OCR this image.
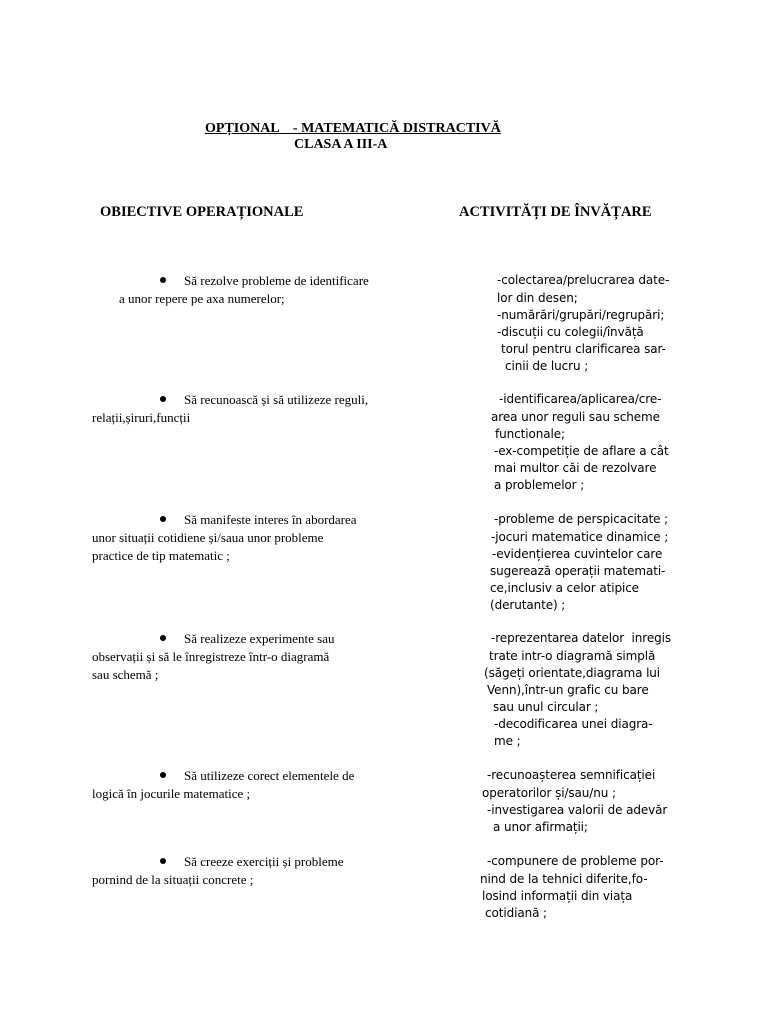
OPȚIONAL    - MATEMATICĂ DISTRACTIVĂ
CLASA A III-A
OBIECTIVE OPERAȚIONALE	ACTIVITĂȚI DE ÎNVĂȚARE
Să rezolve probleme de identificare
a unor repere pe axa numerelor;
-colectarea/prelucrarea date-
lor din desen;
-numărări/grupări/regrupări;
-discuții cu colegii/învăță
torul pentru clarificarea sar-
cinii de lucru ;
Să recunoască și să utilizeze reguli,
relații,șiruri,funcții
-identificarea/aplicarea/cre-
area unor reguli sau scheme
functionale;
-ex-competiție de aflare a cât
mai multor căi de rezolvare
a problemelor ;
Să manifeste interes în abordarea
unor situații cotidiene și/saua unor probleme
practice de tip matematic ;
-probleme de perspicacitate ;
-jocuri matematice dinamice ;
-evidențierea cuvintelor care
sugerează operații matemati-
ce,inclusiv a celor atipice
(derutante) ;
Să realizeze experimente sau
observații și să le înregistreze într-o diagramă
sau schemă ;
-reprezentarea datelor  inregis
trate intr-o diagramă simplă
(săgeți orientate,diagrama lui
Venn),într-un grafic cu bare
sau unul circular ;
-decodificarea unei diagra-
me ;
Să utilizeze corect elementele de
logică în jocurile matematice ;
-recunoașterea semnificației
operatorilor și/sau/nu ;
-investigarea valorii de adevăr
a unor afirmații;
Să creeze exerciții și probleme
pornind de la situații concrete ;
-compunere de probleme por-
nind de la tehnici diferite,fo-
losind informații din viața
cotidiană ;
